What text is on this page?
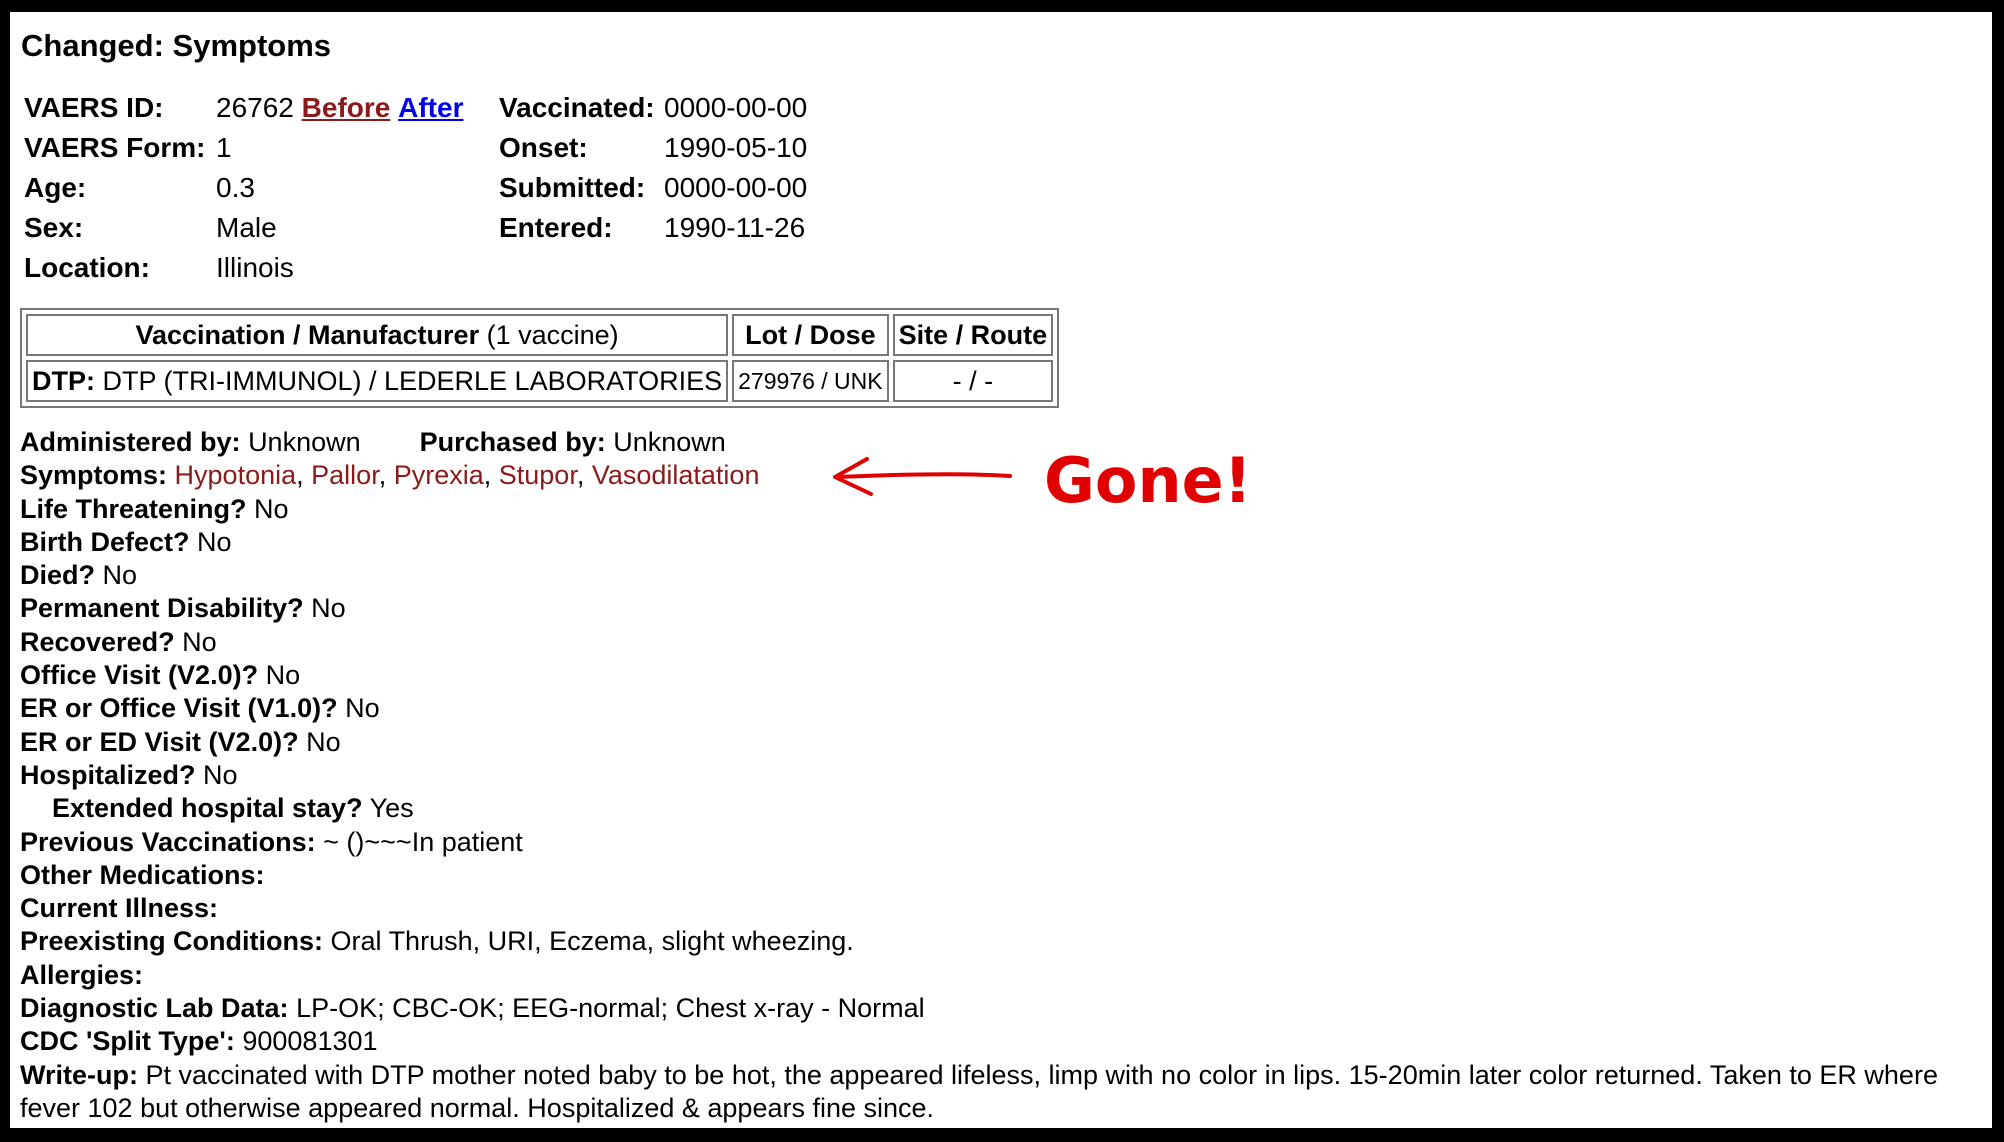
Changed: Symptoms
VAERS ID: 26762 Before After Vaccinated: 0000-00-00
VAERS Form: 1	Onset:	1990-05-10
Age:	0.3	Submitted: 0000-00-00
Sex:	Male	Entered: 1990-11-26
Location: Illinois
Vaccination / Manufacturer (1 vaccine)	Lot / Dose	Site / Route
DTP: DTP (TRI-IMMUNOL) / LEDERLE LABORATORIES	279976 / UNK	- / -
Administered by: Unknown Purchased by: Unknown
Symptoms: Hypotonia, Pallor, Pyrexia, Stupor, Vasodilatation
Life Threatening? No
Birth Defect? No
Died? No
Permanent Disability? No
Recovered? No
Office Visit (V2.0)? No
ER or Office Visit (V1.0)? No
ER or ED Visit (V2.0)? No
Hospitalized? No
Extended hospital stay? Yes
Previous Vaccinations: ~ ()~~~In patient
Other Medications:
Current Illness:
Preexisting Conditions: Oral Thrush, URI, Eczema, slight wheezing.
Allergies:
Diagnostic Lab Data: LP-OK; CBC-OK; EEG-normal; Chest x-ray - Normal
CDC 'Split Type': 900081301
Write-up: Pt vaccinated with DTP mother noted baby to be hot, the appeared lifeless, limp with no color in lips. 15-20min later color returned. Taken to ER where fever 102 but otherwise appeared normal. Hospitalized & appears fine since.
Gone!
